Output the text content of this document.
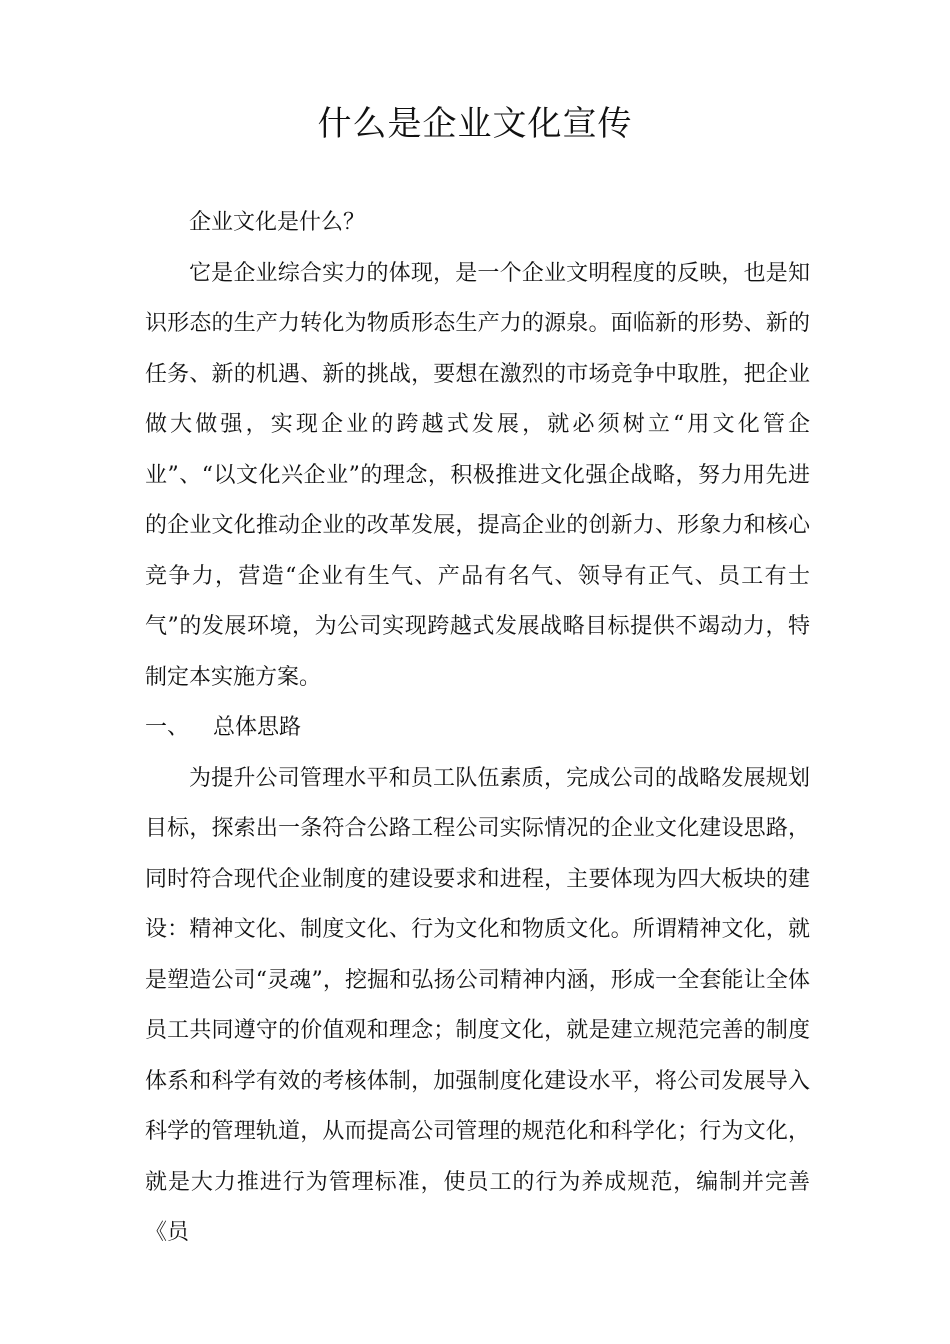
什么是企业文化宣传

企业文化是什么？

它是企业综合实力的体现，是一个企业文明程度的反映，也是知识形态的生产力转化为物质形态生产力的源泉。面临新的形势、新的任务、新的机遇、新的挑战，要想在激烈的市场竞争中取胜，把企业做大做强，实现企业的跨越式发展，就必须树立“用文化管企业”、“以文化兴企业”的理念，积极推进文化强企战略，努力用先进的企业文化推动企业的改革发展，提高企业的创新力、形象力和核心竞争力，营造“企业有生气、产品有名气、领导有正气、员工有士气”的发展环境，为公司实现跨越式发展战略目标提供不竭动力，特制定本实施方案。

一、	总体思路

为提升公司管理水平和员工队伍素质，完成公司的战略发展规划目标，探索出一条符合公路工程公司实际情况的企业文化建设思路，同时符合现代企业制度的建设要求和进程，主要体现为四大板块的建设：精神文化、制度文化、行为文化和物质文化。所谓精神文化，就是塑造公司“灵魂”，挖掘和弘扬公司精神内涵，形成一全套能让全体员工共同遵守的价值观和理念；制度文化，就是建立规范完善的制度体系和科学有效的考核体制，加强制度化建设水平，将公司发展导入科学的管理轨道，从而提高公司管理的规范化和科学化；行为文化，就是大力推进行为管理标准，使员工的行为养成规范，编制并完善《员
